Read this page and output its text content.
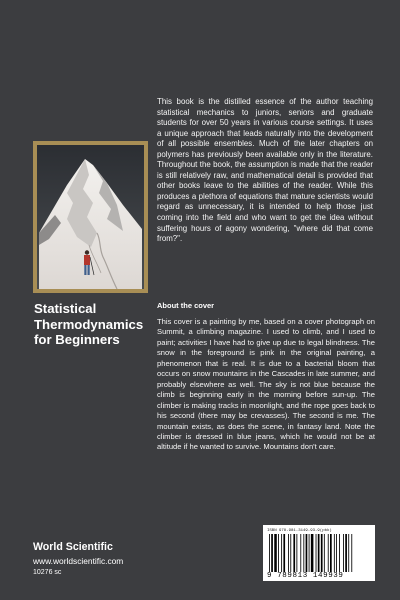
This book is the distilled essence of the author teaching statistical mechanics to juniors, seniors and graduate students for over 50 years in various course settings. It uses a unique approach that leads naturally into the development of all possible ensembles. Much of the later chapters on polymers has previously been available only in the literature. Throughout the book, the assumption is made that the reader is still relatively raw, and mathematical detail is provided that other books leave to the abilities of the reader. While this produces a plethora of equations that mature scientists would regard as unnecessary, it is intended to help those just coming into the field and who want to get the idea without suffering hours of agony wondering, "where did that come from?".

Statistical
Thermodynamics
for Beginners

About the cover

This cover is a painting by me, based on a cover photograph on Summit, a climbing magazine. I used to climb, and I used to paint; activities I have had to give up due to legal blindness. The snow in the foreground is pink in the original painting, a phenomenon that is real. It is due to a bacterial bloom that occurs on snow mountains in the Cascades in late summer, and probably elsewhere as well. The sky is not blue because the climb is beginning early in the morning before sun-up. The climber is making tracks in moonlight, and the rope goes back to his second (there may be crevasses). The second is me. The mountain exists, as does the scene, in fantasy land. Note the climber is dressed in blue jeans, which he would not be at altitude if he wanted to survive. Mountains don't care.

World Scientific
www.worldscientific.com
10276 sc
ISBN 978-981-3149-93-9(pbk)
9 789813 149939
